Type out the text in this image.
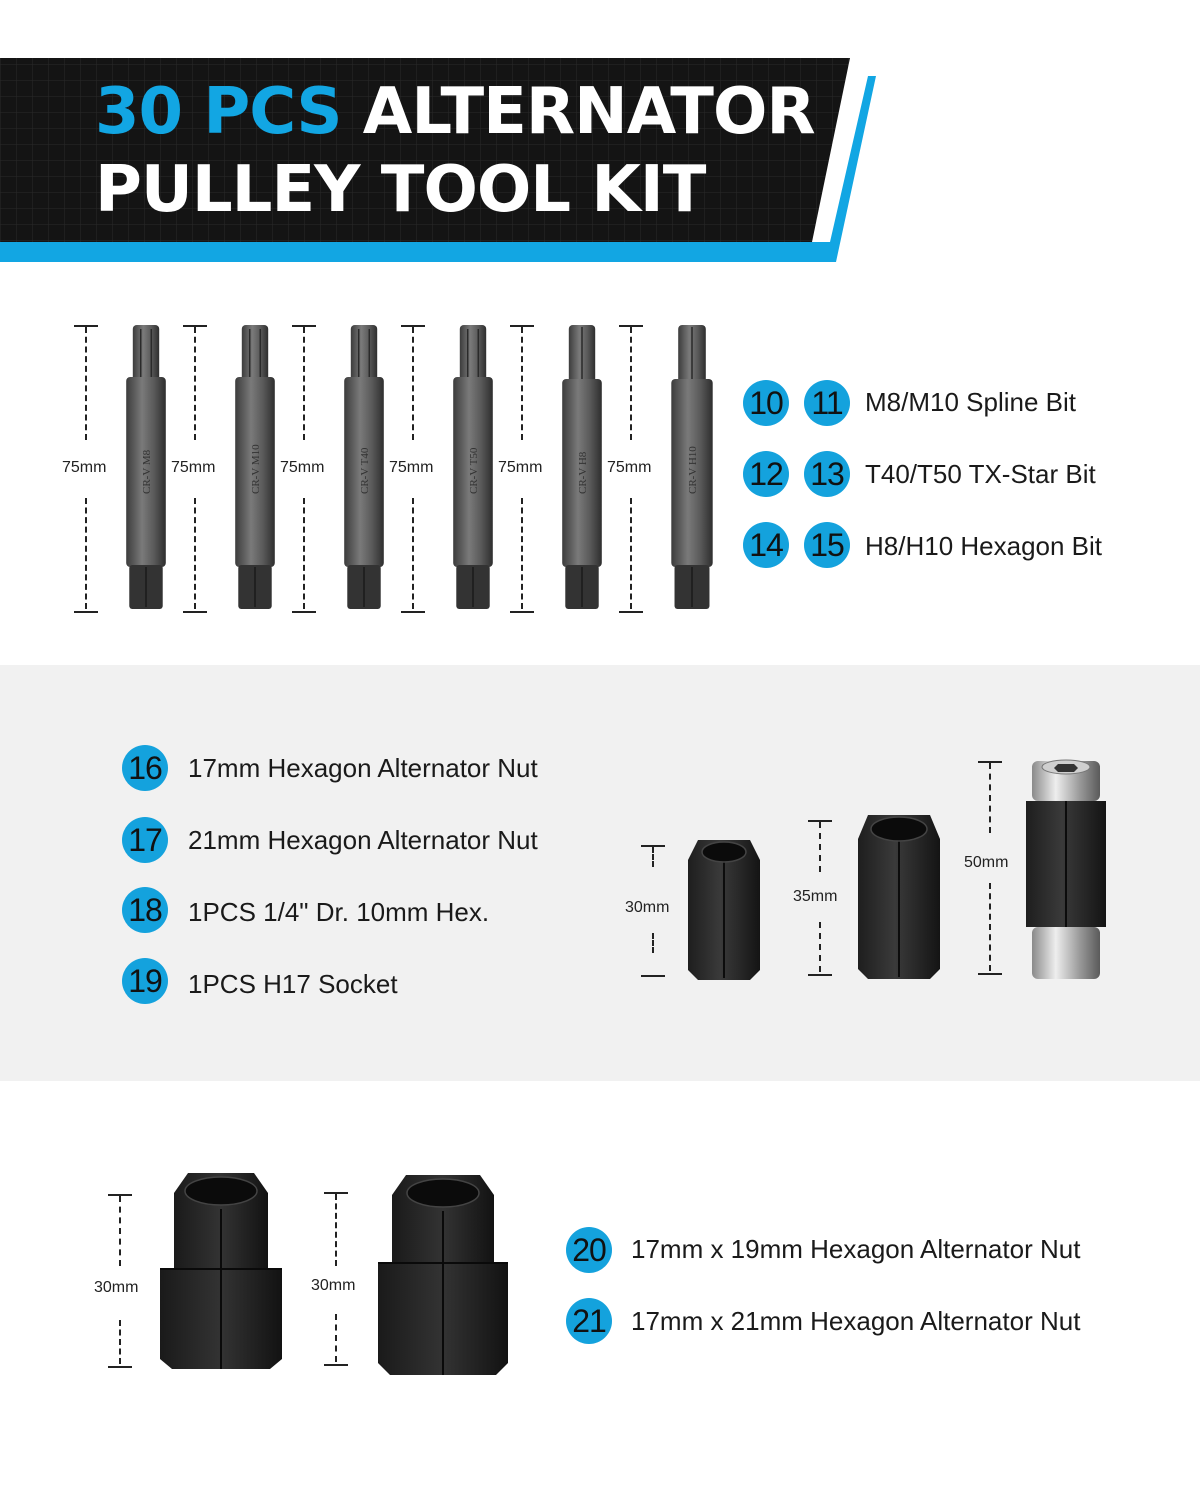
30 PCS ALTERNATOR
PULLEY TOOL KIT
75mm	CR-V M8 75mm	CR-V M10 75mm	CR-V T40 75mm	CR-V T50 75mm	CR-V H8 75mm	CR-V H10
10 11 M8/M10 Spline Bit
12 13 T40/T50 TX-Star Bit
14 15 H8/H10 Hexagon Bit
16 17mm Hexagon Alternator Nut
17 21mm Hexagon Alternator Nut
18 1PCS 1/4" Dr. 10mm Hex.
19 1PCS H17 Socket
30mm
35mm
50mm
30mm	30mm
20 17mm x 19mm Hexagon Alternator Nut
21 17mm x 21mm Hexagon Alternator Nut
